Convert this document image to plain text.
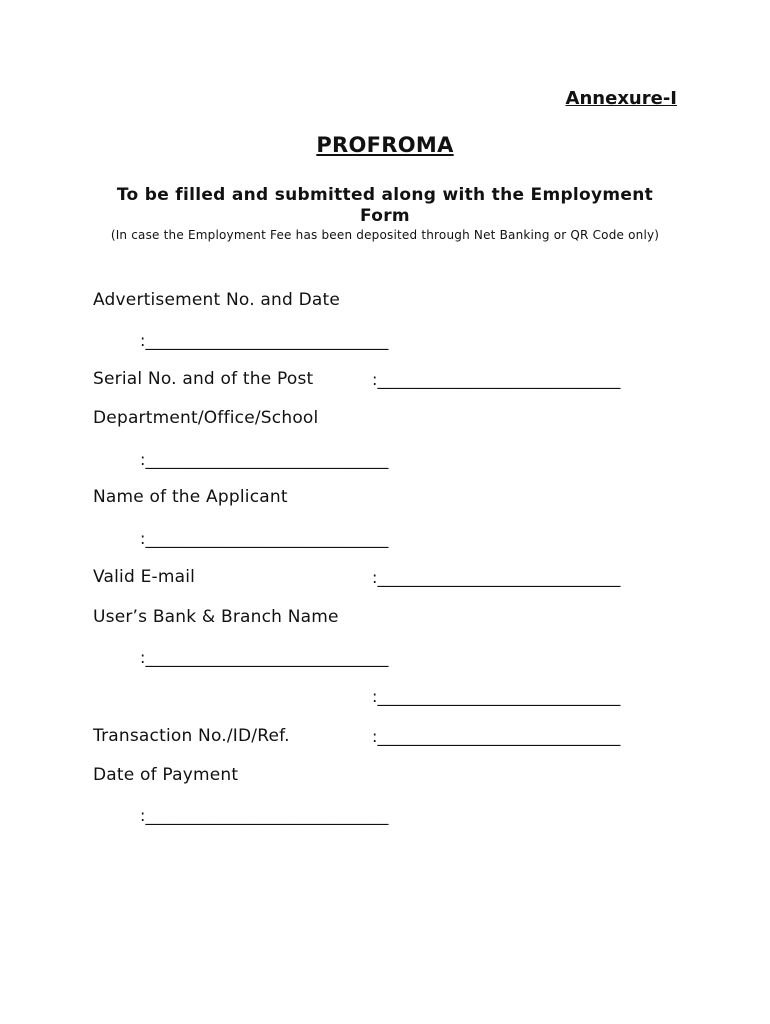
Annexure-I
PROFROMA
To be filled and submitted along with the Employment Form
(In case the Employment Fee has been deposited through Net Banking or QR Code only)
Advertisement No. and Date
:______________________________
Serial No. and of the Post	:______________________________
Department/Office/School
:______________________________
Name of the Applicant
:______________________________
Valid E-mail	:______________________________
User’s Bank & Branch Name
:______________________________
:______________________________
Transaction No./ID/Ref.	:______________________________
Date of Payment
:______________________________
